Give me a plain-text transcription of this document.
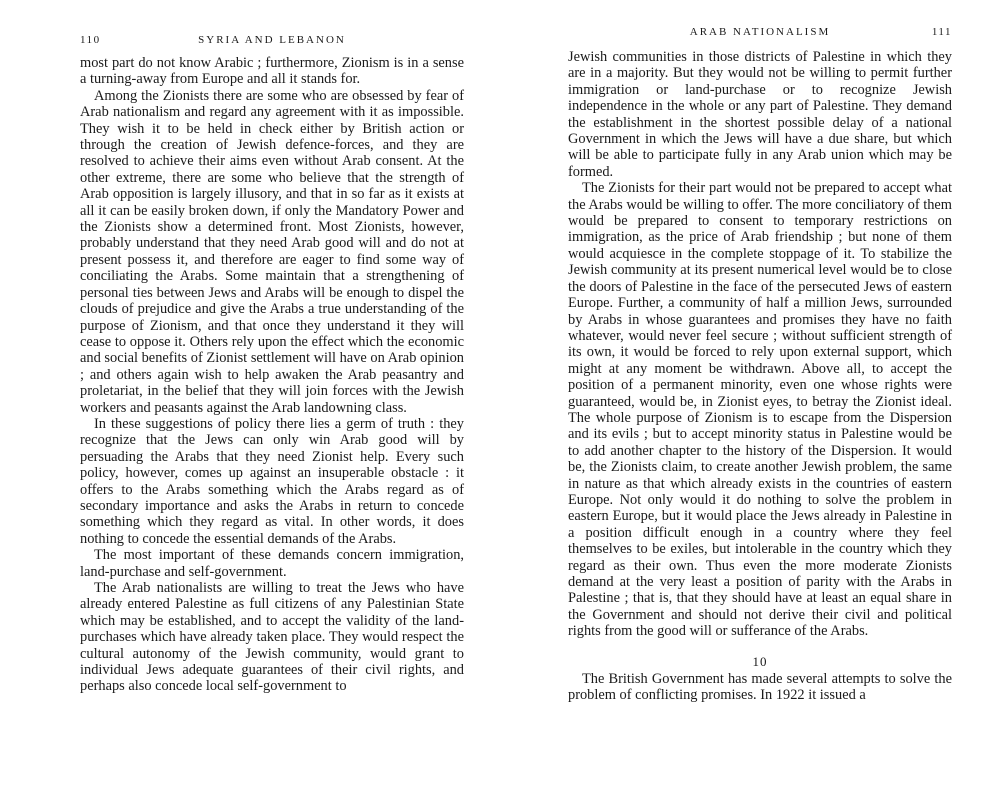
110	SYRIA AND LEBANON

most part do not know Arabic ; furthermore, Zionism is in a sense a turning-away from Europe and all it stands for.

Among the Zionists there are some who are obsessed by fear of Arab nationalism and regard any agreement with it as impossible. They wish it to be held in check either by British action or through the creation of Jewish defence-forces, and they are resolved to achieve their aims even without Arab consent. At the other extreme, there are some who believe that the strength of Arab opposition is largely illusory, and that in so far as it exists at all it can be easily broken down, if only the Mandatory Power and the Zionists show a determined front. Most Zionists, however, probably understand that they need Arab good will and do not at present possess it, and therefore are eager to find some way of conciliating the Arabs. Some maintain that a strengthening of personal ties between Jews and Arabs will be enough to dispel the clouds of prejudice and give the Arabs a true understanding of the purpose of Zionism, and that once they understand it they will cease to oppose it. Others rely upon the effect which the economic and social benefits of Zionist settlement will have on Arab opinion ; and others again wish to help awaken the Arab peasantry and proletariat, in the belief that they will join forces with the Jewish workers and peasants against the Arab landowning class.

In these suggestions of policy there lies a germ of truth : they recognize that the Jews can only win Arab good will by persuading the Arabs that they need Zionist help. Every such policy, however, comes up against an insuperable obstacle : it offers to the Arabs something which the Arabs regard as of secondary importance and asks the Arabs in return to concede something which they regard as vital. In other words, it does nothing to concede the essential demands of the Arabs.

The most important of these demands concern immigration, land-purchase and self-government.

The Arab nationalists are willing to treat the Jews who have already entered Palestine as full citizens of any Palestinian State which may be established, and to accept the validity of the land-purchases which have already taken place. They would respect the cultural autonomy of the Jewish community, would grant to individual Jews adequate guarantees of their civil rights, and perhaps also concede local self-government to

ARAB NATIONALISM	111

Jewish communities in those districts of Palestine in which they are in a majority. But they would not be willing to permit further immigration or land-purchase or to recognize Jewish independence in the whole or any part of Palestine. They demand the establishment in the shortest possible delay of a national Government in which the Jews will have a due share, but which will be able to participate fully in any Arab union which may be formed.

The Zionists for their part would not be prepared to accept what the Arabs would be willing to offer. The more conciliatory of them would be prepared to consent to temporary restrictions on immigration, as the price of Arab friendship ; but none of them would acquiesce in the complete stoppage of it. To stabilize the Jewish community at its present numerical level would be to close the doors of Palestine in the face of the persecuted Jews of eastern Europe. Further, a community of half a million Jews, surrounded by Arabs in whose guarantees and promises they have no faith whatever, would never feel secure ; without sufficient strength of its own, it would be forced to rely upon external support, which might at any moment be withdrawn. Above all, to accept the position of a permanent minority, even one whose rights were guaranteed, would be, in Zionist eyes, to betray the Zionist ideal. The whole purpose of Zionism is to escape from the Dispersion and its evils ; but to accept minority status in Palestine would be to add another chapter to the history of the Dispersion. It would be, the Zionists claim, to create another Jewish problem, the same in nature as that which already exists in the countries of eastern Europe. Not only would it do nothing to solve the problem in eastern Europe, but it would place the Jews already in Palestine in a position difficult enough in a country where they feel themselves to be exiles, but intolerable in the country which they regard as their own. Thus even the more moderate Zionists demand at the very least a position of parity with the Arabs in Palestine ; that is, that they should have at least an equal share in the Government and should not derive their civil and political rights from the good will or sufferance of the Arabs.

10

The British Government has made several attempts to solve the problem of conflicting promises. In 1922 it issued a
